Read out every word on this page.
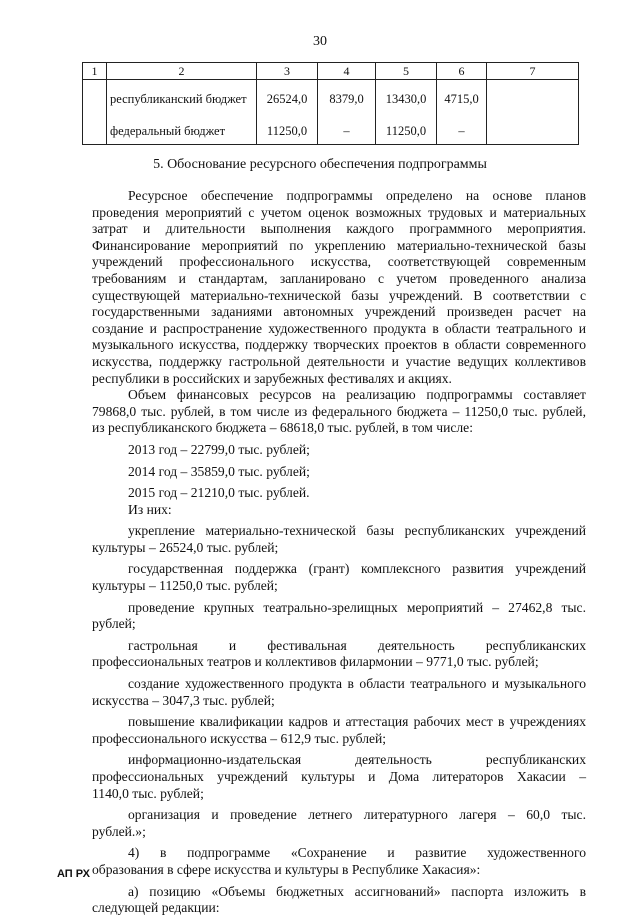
30
1	2	3	4	5	6	7
	республиканский бюджет	26524,0	8379,0	13430,0	4715,0	
	федеральный бюджет	11250,0	–	11250,0	–	
5. Обоснование ресурсного обеспечения подпрограммы
Ресурсное обеспечение подпрограммы определено на основе планов
проведения мероприятий с учетом оценок возможных трудовых и материальных
затрат и длительности выполнения каждого программного мероприятия.
Финансирование мероприятий по укреплению материально-технической базы
учреждений профессионального искусства, соответствующей современным
требованиям и стандартам, запланировано с учетом проведенного анализа
существующей материально-технической базы учреждений. В соответствии с
государственными заданиями автономных учреждений произведен расчет на
создание и распространение художественного продукта в области театрального и
музыкального искусства, поддержку творческих проектов в области современного
искусства, поддержку гастрольной деятельности и участие ведущих коллективов
республики в российских и зарубежных фестивалях и акциях.
Объем финансовых ресурсов на реализацию подпрограммы составляет
79868,0 тыс. рублей, в том числе из федерального бюджета – 11250,0 тыс. рублей,
из республиканского бюджета – 68618,0 тыс. рублей, в том числе:
2013 год – 22799,0 тыс. рублей;
2014 год – 35859,0 тыс. рублей;
2015 год – 21210,0 тыс. рублей.
Из них:
укрепление материально-технической базы республиканских учреждений
культуры – 26524,0 тыс. рублей;
государственная поддержка (грант) комплексного развития учреждений
культуры – 11250,0 тыс. рублей;
проведение крупных театрально-зрелищных мероприятий – 27462,8 тыс.
рублей;
гастрольная и фестивальная деятельность республиканских
профессиональных театров и коллективов филармонии – 9771,0 тыс. рублей;
создание художественного продукта в области театрального и музыкального
искусства – 3047,3 тыс. рублей;
повышение квалификации кадров и аттестация рабочих мест в учреждениях
профессионального искусства – 612,9 тыс. рублей;
информационно-издательская деятельность республиканских
профессиональных учреждений культуры и Дома литераторов Хакасии –
1140,0 тыс. рублей;
организация и проведение летнего литературного лагеря – 60,0 тыс.
рублей.»;
4) в подпрограмме «Сохранение и развитие художественного
образования в сфере искусства и культуры в Республике Хакасия»:
а) позицию «Объемы бюджетных ассигнований» паспорта изложить в
следующей редакции:
АП РХ
